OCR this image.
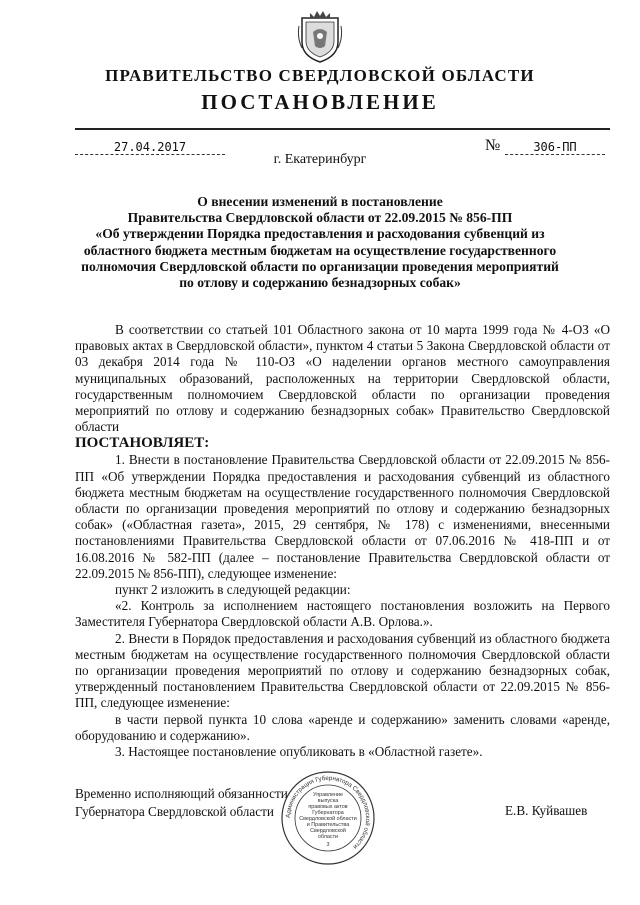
ПРАВИТЕЛЬСТВО СВЕРДЛОВСКОЙ ОБЛАСТИ
ПОСТАНОВЛЕНИЕ
27.04.2017	№	306-ПП
г. Екатеринбург
О внесении изменений в постановление
Правительства Свердловской области от 22.09.2015 № 856-ПП
«Об утверждении Порядка предоставления и расходования субвенций из
областного бюджета местным бюджетам на осуществление государственного
полномочия Свердловской области по организации проведения мероприятий
по отлову и содержанию безнадзорных собак»

В соответствии со статьей 101 Областного закона от 10 марта 1999 года № 4-ОЗ «О правовых актах в Свердловской области», пунктом 4 статьи 5 Закона Свердловской области от 03 декабря 2014 года № 110-ОЗ «О наделении органов местного самоуправления муниципальных образований, расположенных на территории Свердловской области, государственным полномочием Свердловской области по организации проведения мероприятий по отлову и содержанию безнадзорных собак» Правительство Свердловской области

ПОСТАНОВЛЯЕТ:

1. Внести в постановление Правительства Свердловской области от 22.09.2015 № 856-ПП «Об утверждении Порядка предоставления и расходования субвенций из областного бюджета местным бюджетам на осуществление государственного полномочия Свердловской области по организации проведения мероприятий по отлову и содержанию безнадзорных собак» («Областная газета», 2015, 29 сентября, № 178) с изменениями, внесенными постановлениями Правительства Свердловской области от 07.06.2016 № 418-ПП и от 16.08.2016 № 582-ПП (далее – постановление Правительства Свердловской области от 22.09.2015 № 856-ПП), следующее изменение:

пункт 2 изложить в следующей редакции:

«2. Контроль за исполнением настоящего постановления возложить на Первого Заместителя Губернатора Свердловской области А.В. Орлова.».

2. Внести в Порядок предоставления и расходования субвенций из областного бюджета местным бюджетам на осуществление государственного полномочия Свердловской области по организации проведения мероприятий по отлову и содержанию безнадзорных собак, утвержденный постановлением Правительства Свердловской области от 22.09.2015 № 856-ПП, следующее изменение:

в части первой пункта 10 слова «аренде и содержанию» заменить словами «аренде, оборудованию и содержанию».

3. Настоящее постановление опубликовать в «Областной газете».

Временно исполняющий обязанности
Губернатора Свердловской области	Е.В. Куйвашев
Администрация Губернатора Свердловской области
Управление
выпуска
правовых актов
Губернатора
Свердловской области
и Правительства
Свердловской
области
3
